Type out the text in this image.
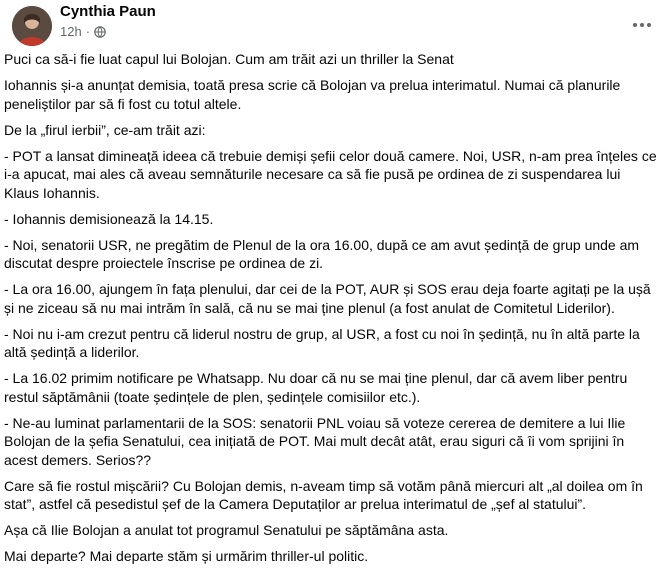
Cynthia Paun
12h ·

Puci ca să-i fie luat capul lui Bolojan. Cum am trăit azi un thriller la Senat

Iohannis și-a anunțat demisia, toată presa scrie că Bolojan va prelua interimatul. Numai că planurile peneliștilor par să fi fost cu totul altele.

De la „firul ierbii”, ce-am trăit azi:

- POT a lansat dimineață ideea că trebuie demiși șefii celor două camere. Noi, USR, n-am prea înțeles ce i-a apucat, mai ales că aveau semnăturile necesare ca să fie pusă pe ordinea de zi suspendarea lui Klaus Iohannis.

- Iohannis demisionează la 14.15.

- Noi, senatorii USR, ne pregătim de Plenul de la ora 16.00, după ce am avut ședință de grup unde am discutat despre proiectele înscrise pe ordinea de zi.

- La ora 16.00, ajungem în fața plenului, dar cei de la POT, AUR și SOS erau deja foarte agitați pe la ușă și ne ziceau să nu mai intrăm în sală, că nu se mai ține plenul (a fost anulat de Comitetul Liderilor).

- Noi nu i-am crezut pentru că liderul nostru de grup, al USR, a fost cu noi în ședință, nu în altă parte la altă ședință a liderilor.

- La 16.02 primim notificare pe Whatsapp. Nu doar că nu se mai ține plenul, dar că avem liber pentru restul săptămânii (toate ședințele de plen, ședințele comisiilor etc.).

- Ne-au luminat parlamentarii de la SOS: senatorii PNL voiau să voteze cererea de demitere a lui Ilie Bolojan de la șefia Senatului, cea inițiată de POT. Mai mult decât atât, erau siguri că îi vom sprijini în acest demers. Serios??

Care să fie rostul mișcării? Cu Bolojan demis, n-aveam timp să votăm până miercuri alt „al doilea om în stat”, astfel că pesedistul șef de la Camera Deputaților ar prelua interimatul de „șef al statului”.

Așa că Ilie Bolojan a anulat tot programul Senatului pe săptămâna asta.

Mai departe? Mai departe stăm și urmărim thriller-ul politic.
